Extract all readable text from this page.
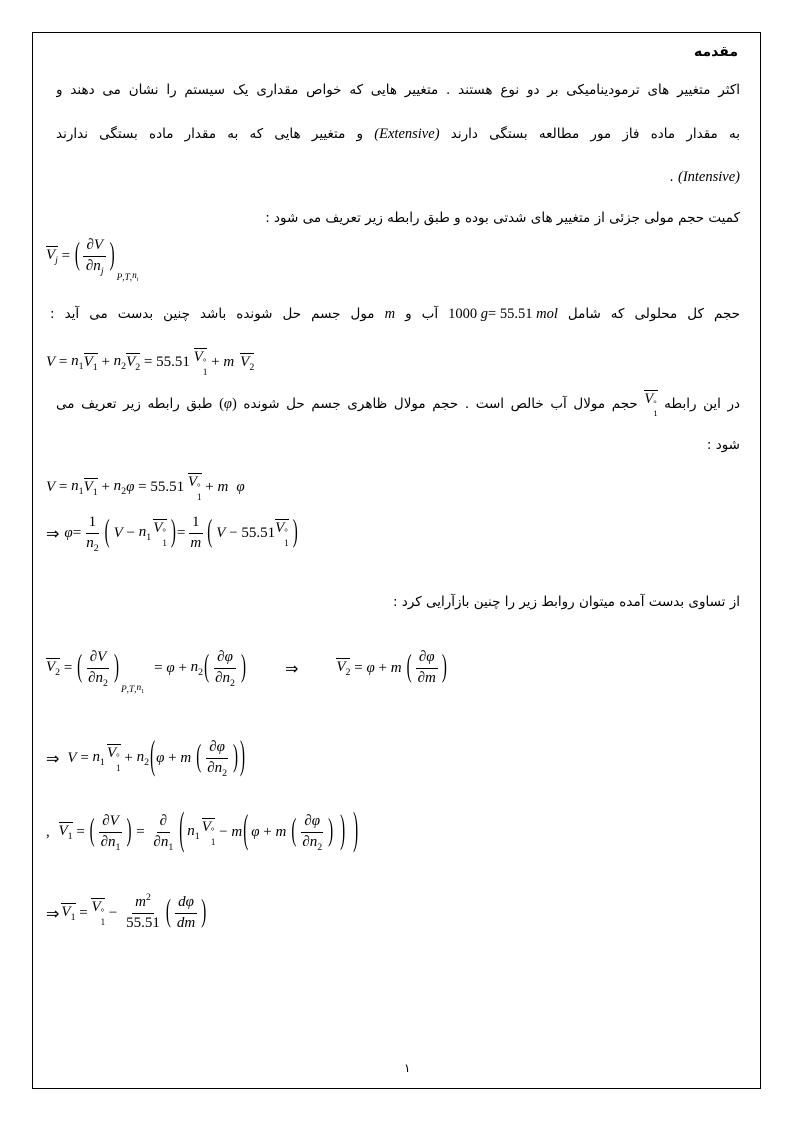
مقدمه
اکثر متغییر های ترمودینامیکی بر دو نوع هستند . متغییر هایی که خواص مقداری یک سیستم را نشان می دهند و
به مقدار ماده فاز مور مطالعه بستگی دارند (Extensive) و متغییر هایی که به مقدار ماده بستگی ندارند
(Intensive) .
کمیت حجم مولی جزئی از متغییر های شدتی بوده و طبق رابطه زیر تعریف می شود :
$V_j$ = ( $\frac{\partial V}{\partial n_j}$ )
P , T , $n_i$
حجم کل محلولی که شامل
1000 g = 55.51 mol
آب و
m
مول جسم حل شونده باشد چنین بدست می آید :
$V = n_1$ $V_1 + n_2$ $V_2 = 55.51$ V °
1
+ m $V_2$
در این رابطه
V °
1
حجم مولال آب خالص است . حجم مولال ظاهری جسم حل شونده
( φ )
طبق رابطه زیر تعریف می
شود :
$V = n_1$ $V_1 + n_2$ φ = 55.51 V °
1
+ m φ
⇒ $\varphi = \frac{1}{n_2}$ ( $V - n_1$
V °
1 ) = $\frac{1}{m}$ ( V − 55.51 V °
1 )
از تساوی بدست آمده میتوان روابط زیر را چنین بازآرایی کرد :
$V_2$ = ( $\frac{\partial V}{\partial n_2}$ )
P , T , $n_1$
= $\varphi + n_2$ ( $\frac{\partial\varphi}{\partial n_2}$ ) ⇒	$V_2 = \varphi + m$ ( $\frac{\partial\varphi}{\partial m}$ )
⇒ $V = n_1$
V °
1
+ $n_2$ ( φ + m ( $\frac{\partial\varphi}{\partial n_2}$ ) )
, $V_1$ = ( $\frac{\partial V}{\partial n_1}$ ) = $\frac{\partial}{\partial n_1}$ ( $n_1$
V °
1
− m ( φ + m ( $\frac{\partial\varphi}{\partial n_2}$ ) ) )
⇒ $V_1 = V$ °
1
− $\frac{m^2}{55.51}$ ( $\frac{d\varphi}{dm}$ )
۱
